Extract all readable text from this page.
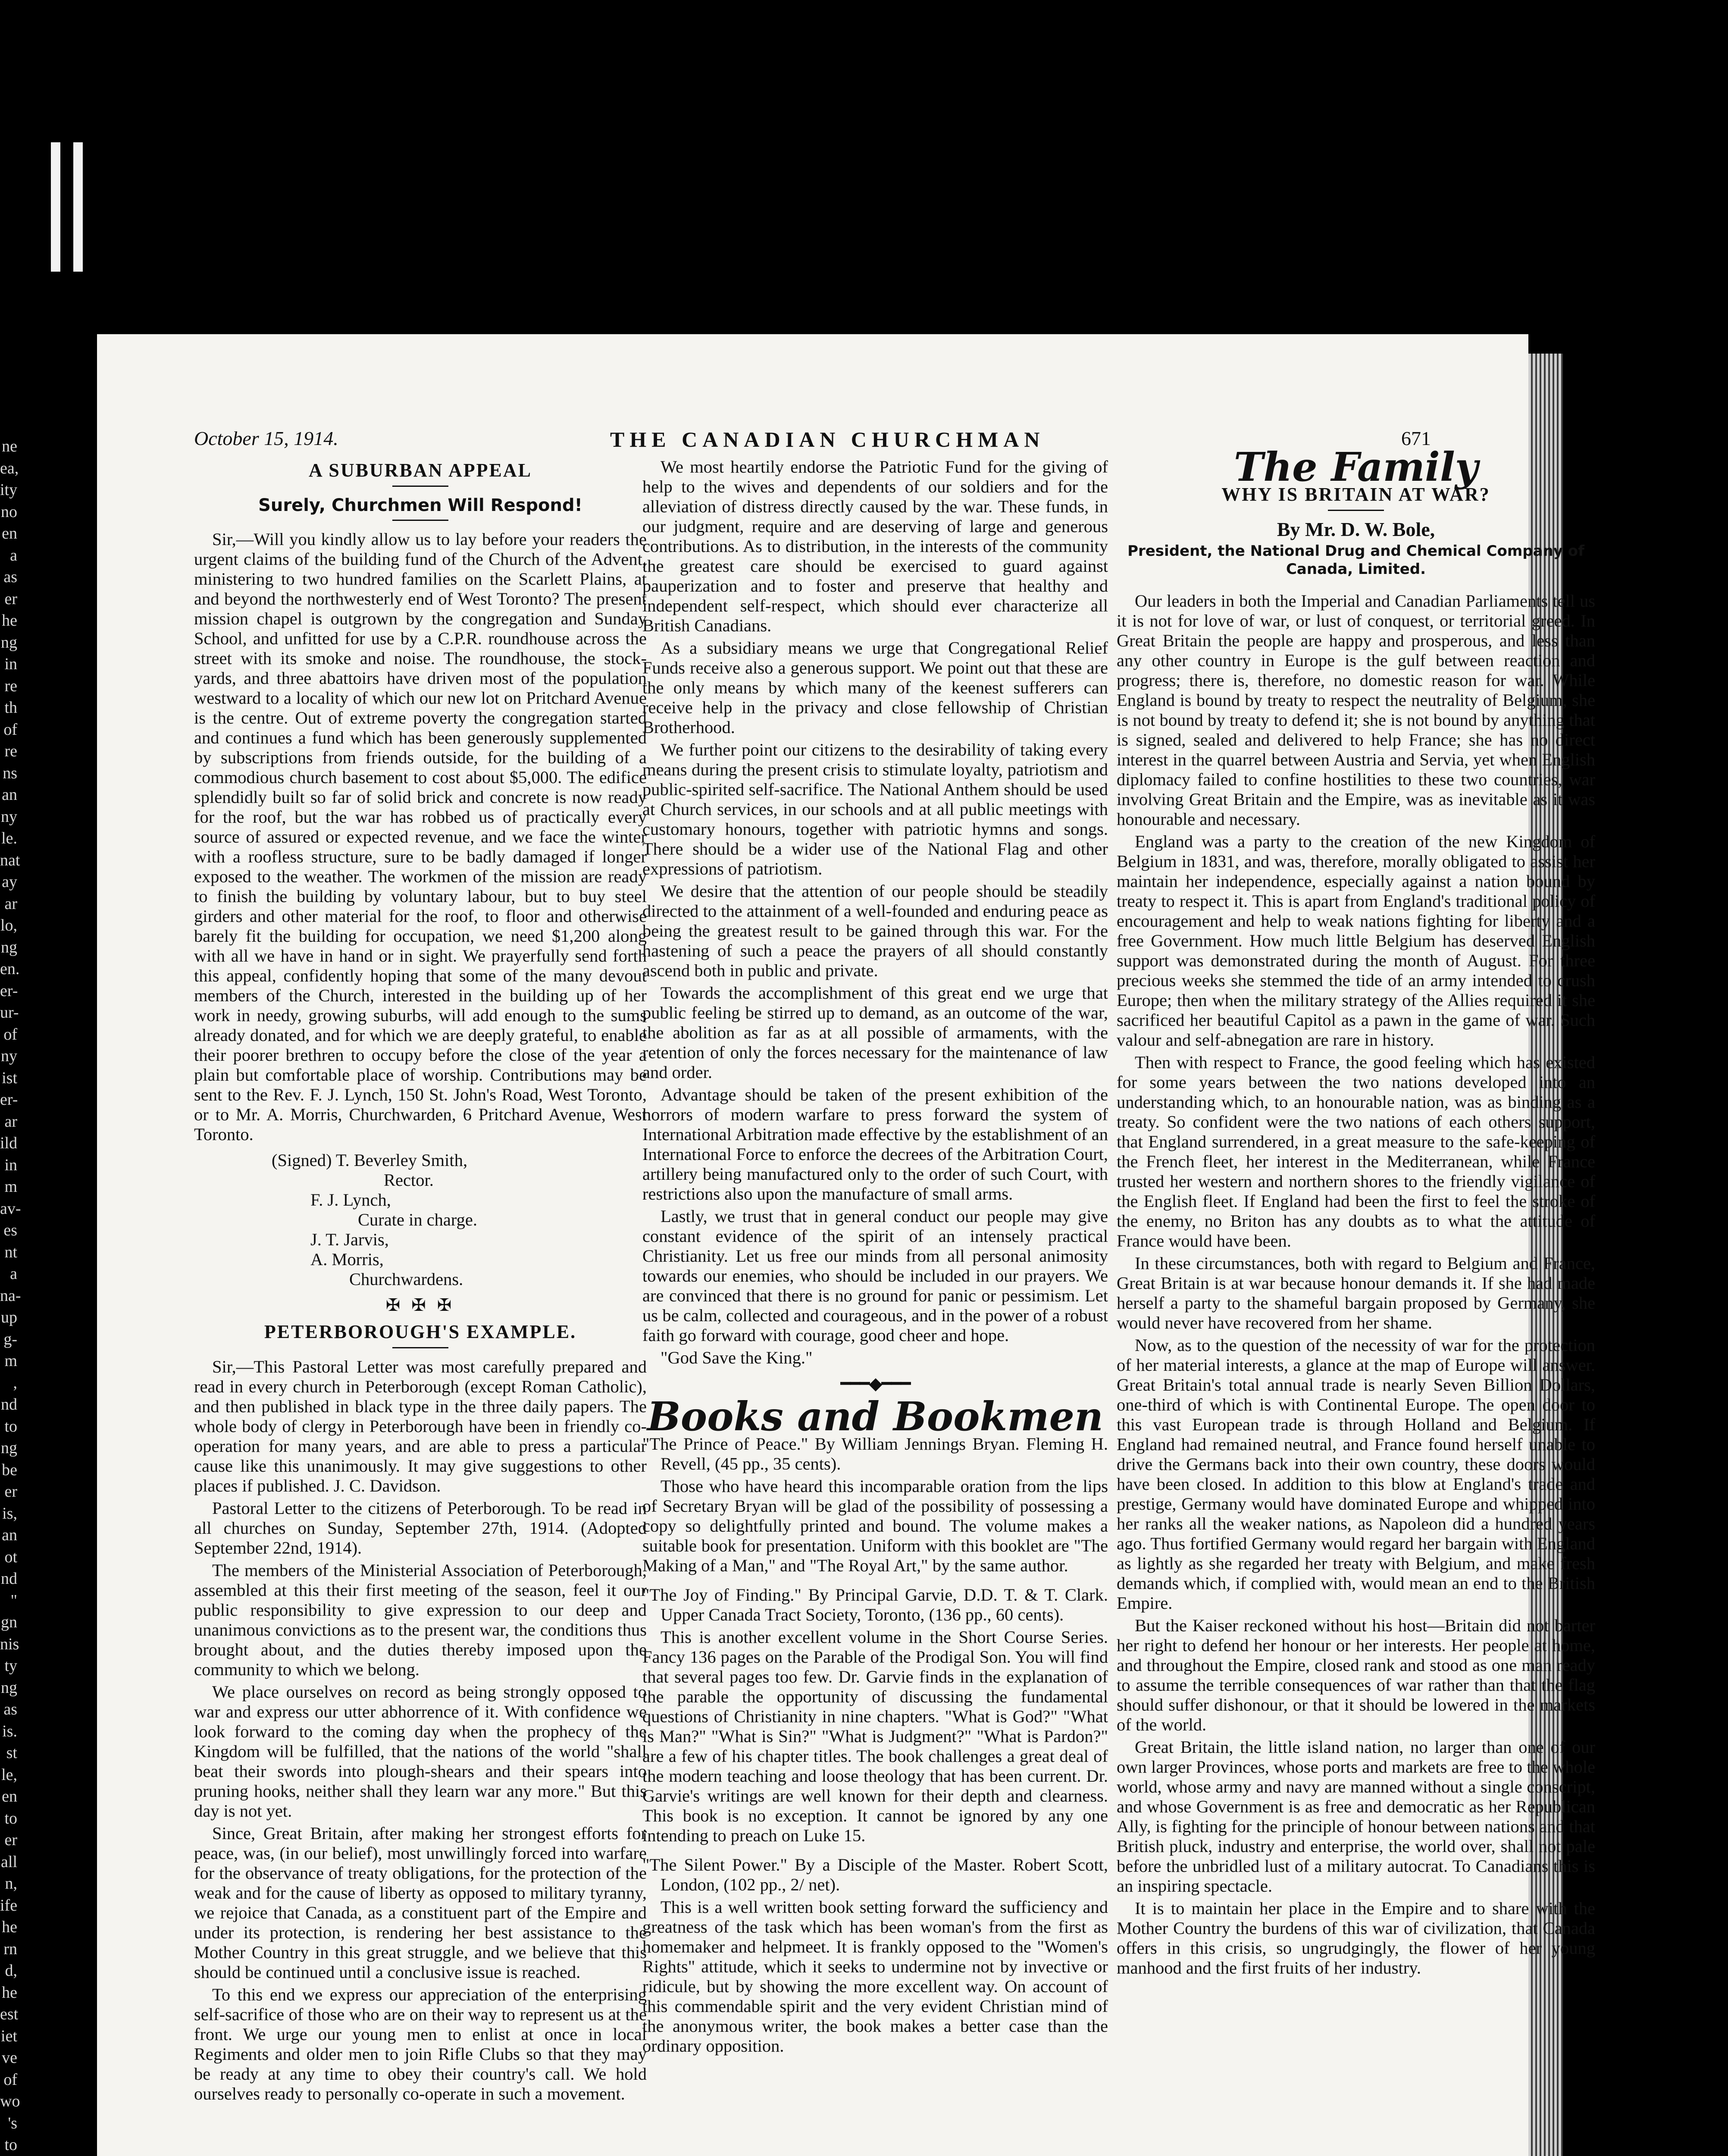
ne
ea,
ity
no
en
a
as
er
he
ng
in
re
th
of
re
ns
an
ny
le.
nat
ay
ar
lo,
ng
en.
er-
ur-
of
ny
ist
er-
ar
ild
in
m
av-
es
nt
a
na-
up
g-
m
,
nd
to
ng
be
er
is,
an
ot
nd
"
gn
nis
ty
ng
as
is.
st
le,
en
to
er
all
n,
ife
he
rn
d,
he
est
iet
ve
of
wo
's
to
October 15, 1914.	THE CANADIAN CHURCHMAN	671
A SUBURBAN APPEAL
Surely, Churchmen Will Respond!

Sir,—Will you kindly allow us to lay before your readers the urgent claims of the building fund of the Church of the Advent, ministering to two hundred families on the Scarlett Plains, at and beyond the northwesterly end of West Toronto? The present mission chapel is outgrown by the congregation and Sunday School, and unfitted for use by a C.P.R. roundhouse across the street with its smoke and noise. The roundhouse, the stock-yards, and three abattoirs have driven most of the population westward to a locality of which our new lot on Pritchard Avenue is the centre. Out of extreme poverty the congregation started and continues a fund which has been generously supplemented by subscriptions from friends outside, for the building of a commodious church basement to cost about $5,000. The edifice splendidly built so far of solid brick and concrete is now ready for the roof, but the war has robbed us of practically every source of assured or expected revenue, and we face the winter with a roofless structure, sure to be badly damaged if longer exposed to the weather. The workmen of the mission are ready to finish the building by voluntary labour, but to buy steel girders and other material for the roof, to floor and otherwise barely fit the building for occupation, we need $1,200 along with all we have in hand or in sight. We prayerfully send forth this appeal, confidently hoping that some of the many devout members of the Church, interested in the building up of her work in needy, growing suburbs, will add enough to the sums already donated, and for which we are deeply grateful, to enable their poorer brethren to occupy before the close of the year a plain but comfortable place of worship. Contributions may be sent to the Rev. F. J. Lynch, 150 St. John's Road, West Toronto, or to Mr. A. Morris, Churchwarden, 6 Pritchard Avenue, West Toronto.

(Signed) T. Beverley Smith,
Rector.
F. J. Lynch,
Curate in charge.
J. T. Jarvis,
A. Morris,
Churchwardens.
✠ ✠ ✠
PETERBOROUGH'S EXAMPLE.

Sir,—This Pastoral Letter was most carefully prepared and read in every church in Peterborough (except Roman Catholic), and then published in black type in the three daily papers. The whole body of clergy in Peterborough have been in friendly co-operation for many years, and are able to press a particular cause like this unanimously. It may give suggestions to other places if published. J. C. Davidson.

Pastoral Letter to the citizens of Peterborough. To be read in all churches on Sunday, September 27th, 1914. (Adopted September 22nd, 1914).

The members of the Ministerial Association of Peterborough, assembled at this their first meeting of the season, feel it our public responsibility to give expression to our deep and unanimous convictions as to the present war, the conditions thus brought about, and the duties thereby imposed upon the community to which we belong.

We place ourselves on record as being strongly opposed to war and express our utter abhorrence of it. With confidence we look forward to the coming day when the prophecy of the Kingdom will be fulfilled, that the nations of the world "shall beat their swords into plough-shears and their spears into pruning hooks, neither shall they learn war any more." But this day is not yet.

Since, Great Britain, after making her strongest efforts for peace, was, (in our belief), most unwillingly forced into warfare for the observance of treaty obligations, for the protection of the weak and for the cause of liberty as opposed to military tyranny, we rejoice that Canada, as a constituent part of the Empire and under its protection, is rendering her best assistance to the Mother Country in this great struggle, and we believe that this should be continued until a conclusive issue is reached.

To this end we express our appreciation of the enterprising self-sacrifice of those who are on their way to represent us at the front. We urge our young men to enlist at once in local Regiments and older men to join Rifle Clubs so that they may be ready at any time to obey their country's call. We hold ourselves ready to personally co-operate in such a movement.

We most heartily endorse the Patriotic Fund for the giving of help to the wives and dependents of our soldiers and for the alleviation of distress directly caused by the war. These funds, in our judgment, require and are deserving of large and generous contributions. As to distribution, in the interests of the community the greatest care should be exercised to guard against pauperization and to foster and preserve that healthy and independent self-respect, which should ever characterize all British Canadians.

As a subsidiary means we urge that Congregational Relief Funds receive also a generous support. We point out that these are the only means by which many of the keenest sufferers can receive help in the privacy and close fellowship of Christian Brotherhood.

We further point our citizens to the desirability of taking every means during the present crisis to stimulate loyalty, patriotism and public-spirited self-sacrifice. The National Anthem should be used at Church services, in our schools and at all public meetings with customary honours, together with patriotic hymns and songs. There should be a wider use of the National Flag and other expressions of patriotism.

We desire that the attention of our people should be steadily directed to the attainment of a well-founded and enduring peace as being the greatest result to be gained through this war. For the hastening of such a peace the prayers of all should constantly ascend both in public and private.

Towards the accomplishment of this great end we urge that public feeling be stirred up to demand, as an outcome of the war, the abolition as far as at all possible of armaments, with the retention of only the forces necessary for the maintenance of law and order.

Advantage should be taken of the present exhibition of the horrors of modern warfare to press forward the system of International Arbitration made effective by the establishment of an International Force to enforce the decrees of the Arbitration Court, artillery being manufactured only to the order of such Court, with restrictions also upon the manufacture of small arms.

Lastly, we trust that in general conduct our people may give constant evidence of the spirit of an intensely practical Christianity. Let us free our minds from all personal animosity towards our enemies, who should be included in our prayers. We are convinced that there is no ground for panic or pessimism. Let us be calm, collected and courageous, and in the power of a robust faith go forward with courage, good cheer and hope.

"God Save the King."

━━━◆━━━
Books and Bookmen

"The Prince of Peace." By William Jennings Bryan. Fleming H. Revell, (45 pp., 35 cents).

Those who have heard this incomparable oration from the lips of Secretary Bryan will be glad of the possibility of possessing a copy so delightfully printed and bound. The volume makes a suitable book for presentation. Uniform with this booklet are "The Making of a Man," and "The Royal Art," by the same author.

"The Joy of Finding." By Principal Garvie, D.D. T. & T. Clark. Upper Canada Tract Society, Toronto, (136 pp., 60 cents).

This is another excellent volume in the Short Course Series. Fancy 136 pages on the Parable of the Prodigal Son. You will find that several pages too few. Dr. Garvie finds in the explanation of the parable the opportunity of discussing the fundamental questions of Christianity in nine chapters. "What is God?" "What is Man?" "What is Sin?" "What is Judgment?" "What is Pardon?" are a few of his chapter titles. The book challenges a great deal of the modern teaching and loose theology that has been current. Dr. Garvie's writings are well known for their depth and clearness. This book is no exception. It cannot be ignored by any one intending to preach on Luke 15.

"The Silent Power." By a Disciple of the Master. Robert Scott, London, (102 pp., 2/ net).

This is a well written book setting forward the sufficiency and greatness of the task which has been woman's from the first as homemaker and helpmeet. It is frankly opposed to the "Women's Rights" attitude, which it seeks to undermine not by invective or ridicule, but by showing the more excellent way. On account of this commendable spirit and the very evident Christian mind of the anonymous writer, the book makes a better case than the ordinary opposition.

The Family
WHY IS BRITAIN AT WAR?
By Mr. D. W. Bole,
President, the National Drug and Chemical Company of Canada, Limited.

Our leaders in both the Imperial and Canadian Parliaments tell us it is not for love of war, or lust of conquest, or territorial greed. In Great Britain the people are happy and prosperous, and less than any other country in Europe is the gulf between reaction and progress; there is, therefore, no domestic reason for war. While England is bound by treaty to respect the neutrality of Belgium, she is not bound by treaty to defend it; she is not bound by anything that is signed, sealed and delivered to help France; she has no direct interest in the quarrel between Austria and Servia, yet when English diplomacy failed to confine hostilities to these two countries, war involving Great Britain and the Empire, was as inevitable as it was honourable and necessary.

England was a party to the creation of the new Kingdom of Belgium in 1831, and was, therefore, morally obligated to assist her maintain her independence, especially against a nation bound by treaty to respect it. This is apart from England's traditional policy of encouragement and help to weak nations fighting for liberty and a free Government. How much little Belgium has deserved English support was demonstrated during the month of August. For three precious weeks she stemmed the tide of an army intended to crush Europe; then when the military strategy of the Allies required it she sacrificed her beautiful Capitol as a pawn in the game of war. Such valour and self-abnegation are rare in history.

Then with respect to France, the good feeling which has existed for some years between the two nations developed into an understanding which, to an honourable nation, was as binding as a treaty. So confident were the two nations of each others support, that England surrendered, in a great measure to the safe-keeping of the French fleet, her interest in the Mediterranean, while France trusted her western and northern shores to the friendly vigilance of the English fleet. If England had been the first to feel the stroke of the enemy, no Briton has any doubts as to what the attitude of France would have been.

In these circumstances, both with regard to Belgium and France, Great Britain is at war because honour demands it. If she had made herself a party to the shameful bargain proposed by Germany, she would never have recovered from her shame.

Now, as to the question of the necessity of war for the protection of her material interests, a glance at the map of Europe will answer. Great Britain's total annual trade is nearly Seven Billion Dollars, one-third of which is with Continental Europe. The open door to this vast European trade is through Holland and Belgium. If England had remained neutral, and France found herself unable to drive the Germans back into their own country, these doors would have been closed. In addition to this blow at England's trade and prestige, Germany would have dominated Europe and whipped into her ranks all the weaker nations, as Napoleon did a hundred years ago. Thus fortified Germany would regard her bargain with England as lightly as she regarded her treaty with Belgium, and make fresh demands which, if complied with, would mean an end to the British Empire.

But the Kaiser reckoned without his host—Britain did not barter her right to defend her honour or her interests. Her people at home, and throughout the Empire, closed rank and stood as one man ready to assume the terrible consequences of war rather than that the flag should suffer dishonour, or that it should be lowered in the markets of the world.

Great Britain, the little island nation, no larger than one of our own larger Provinces, whose ports and markets are free to the whole world, whose army and navy are manned without a single conscript, and whose Government is as free and democratic as her Republican Ally, is fighting for the principle of honour between nations and that British pluck, industry and enterprise, the world over, shall not pale before the unbridled lust of a military autocrat. To Canadians this is an inspiring spectacle.

It is to maintain her place in the Empire and to share with the Mother Country the burdens of this war of civilization, that Canada offers in this crisis, so ungrudgingly, the flower of her young manhood and the first fruits of her industry.
